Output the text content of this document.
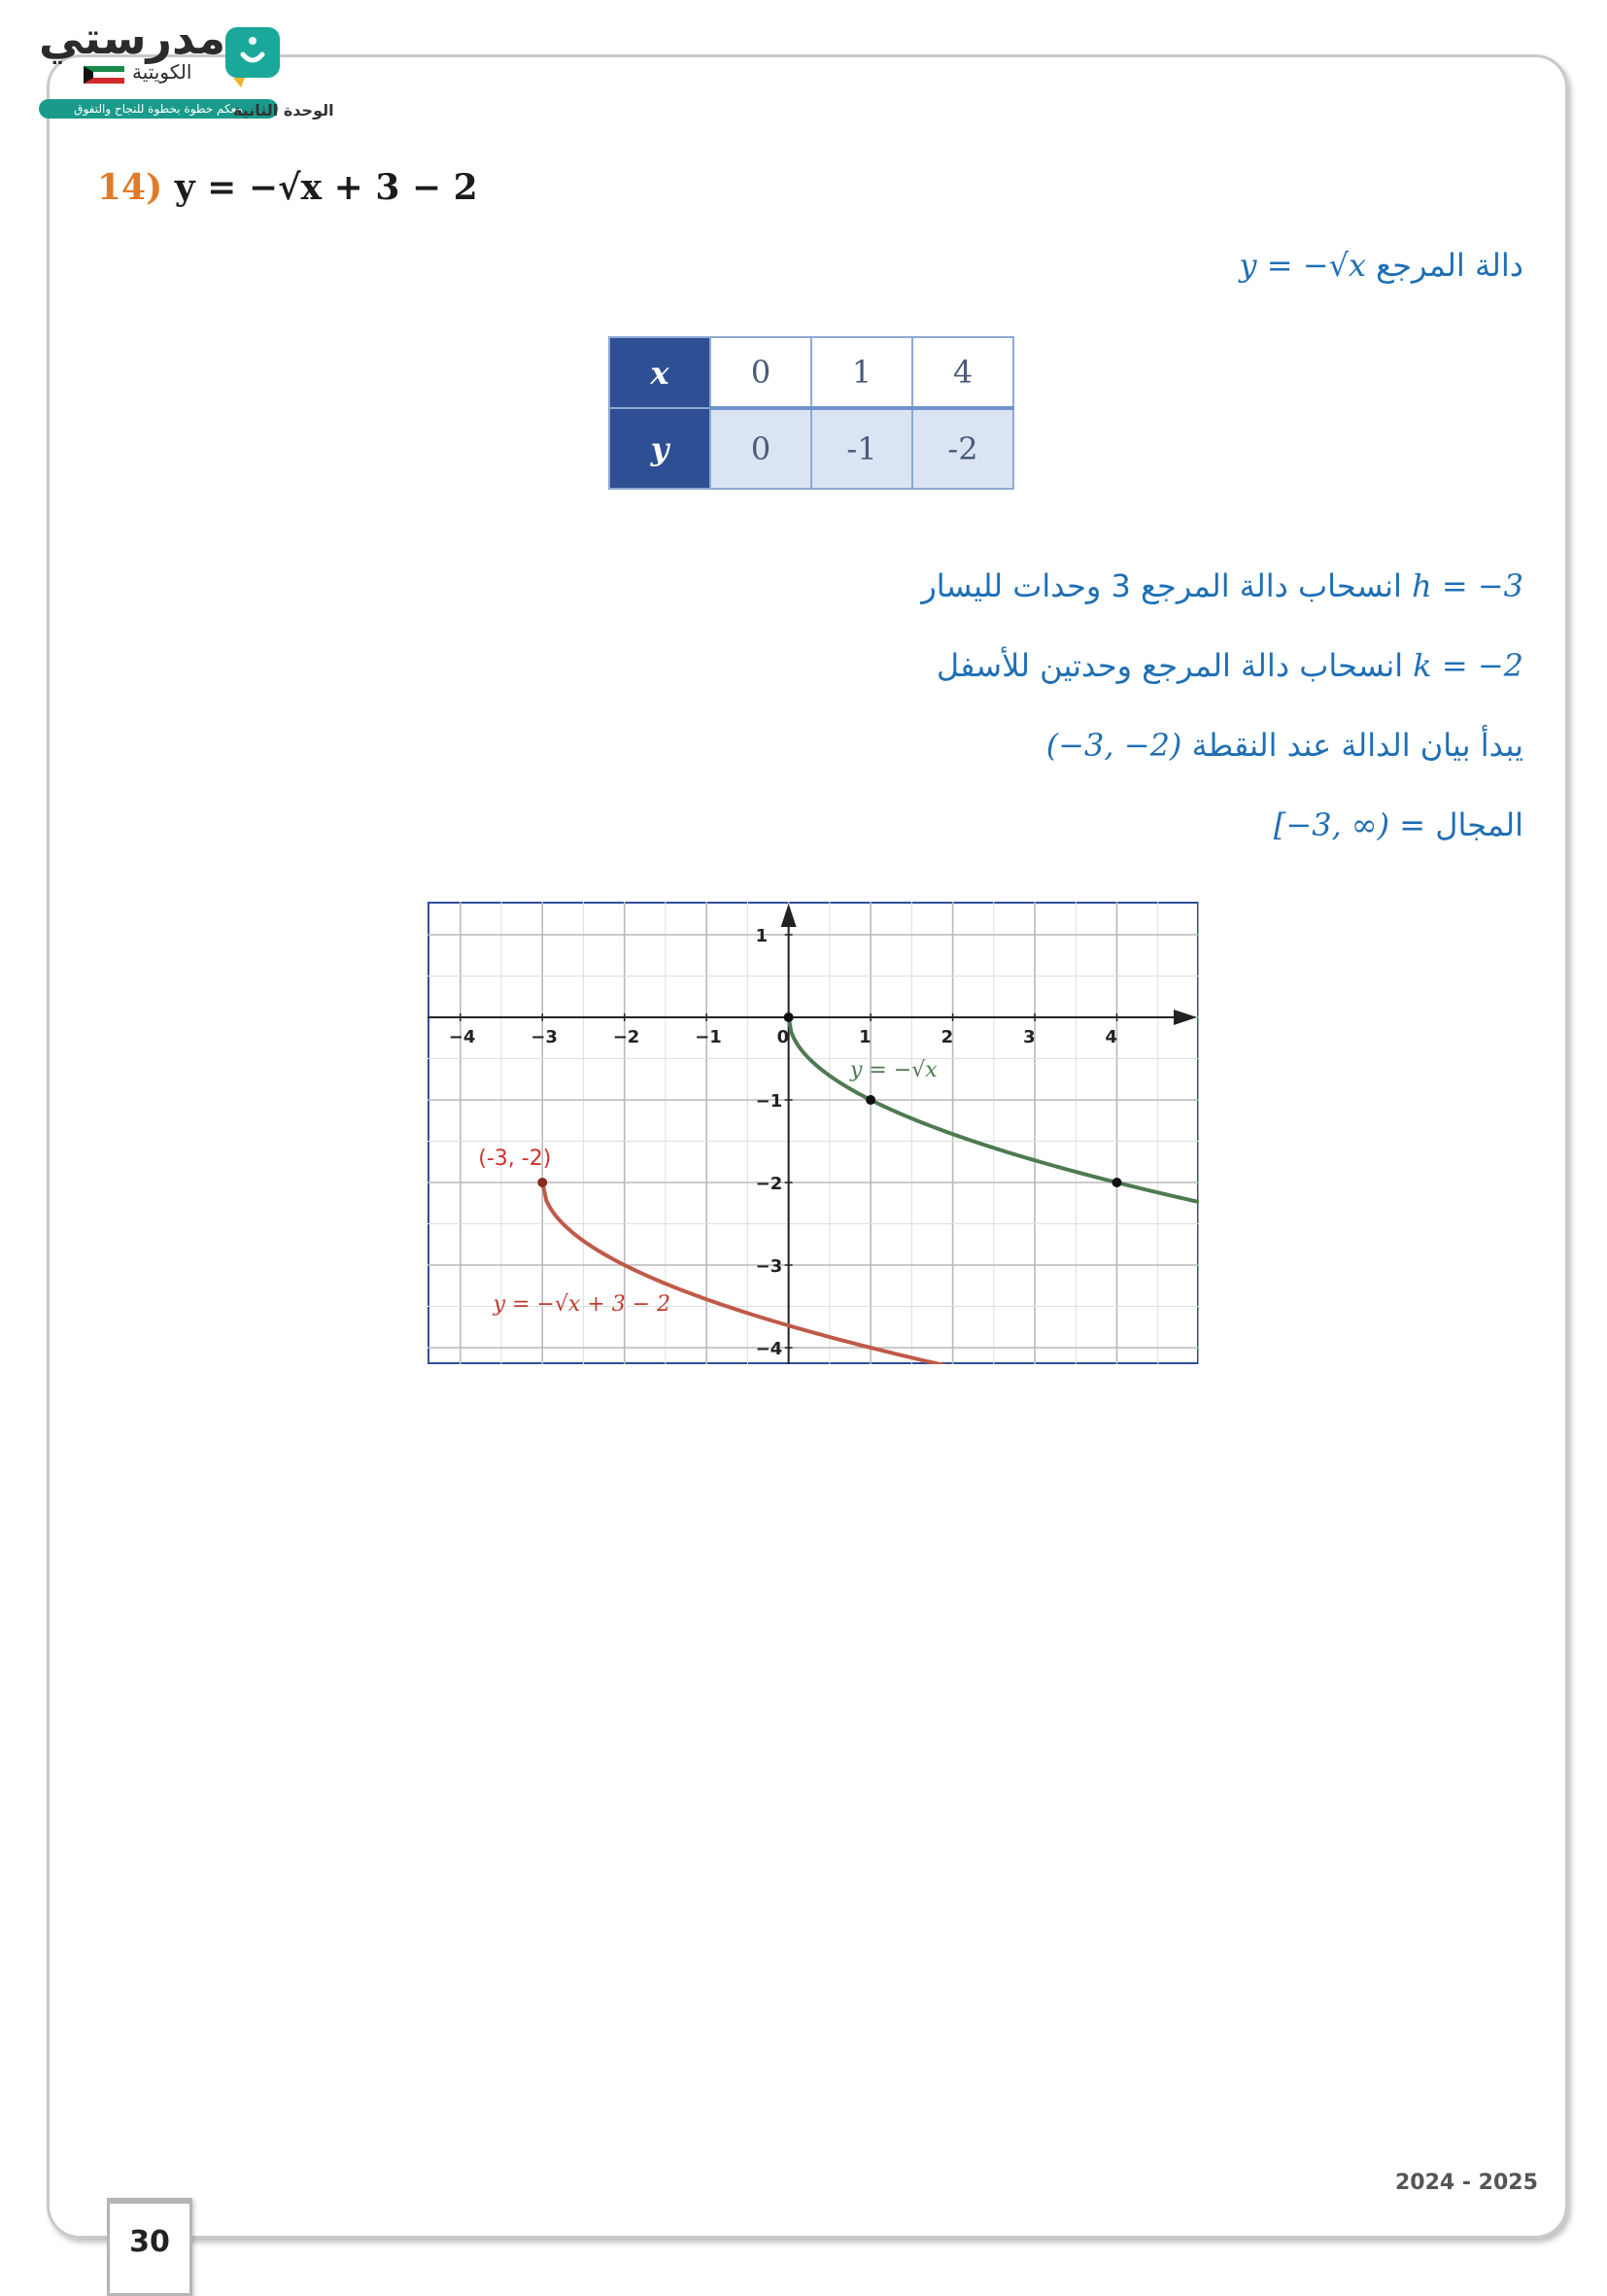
مدرستي
الكويتية
معكم خطوة بخطوة للنجاح والتفوق
الوحدة الثانية
14) y = −√x + 3 − 2
دالة المرجع y = −√x
x	0	1	4
y	0	-1	-2
h = −3 انسحاب دالة المرجع 3 وحدات لليسار
k = −2 انسحاب دالة المرجع وحدتين للأسفل
يبدأ بيان الدالة عند النقطة (−3, −2)
المجال = [−3, ∞)
−4	−3	−2	−1	0	1	2	3	4
1
−1
−2
−3
−4
y = −√x
y = −√x + 3 − 2
(-3, -2)
2024 - 2025
30
